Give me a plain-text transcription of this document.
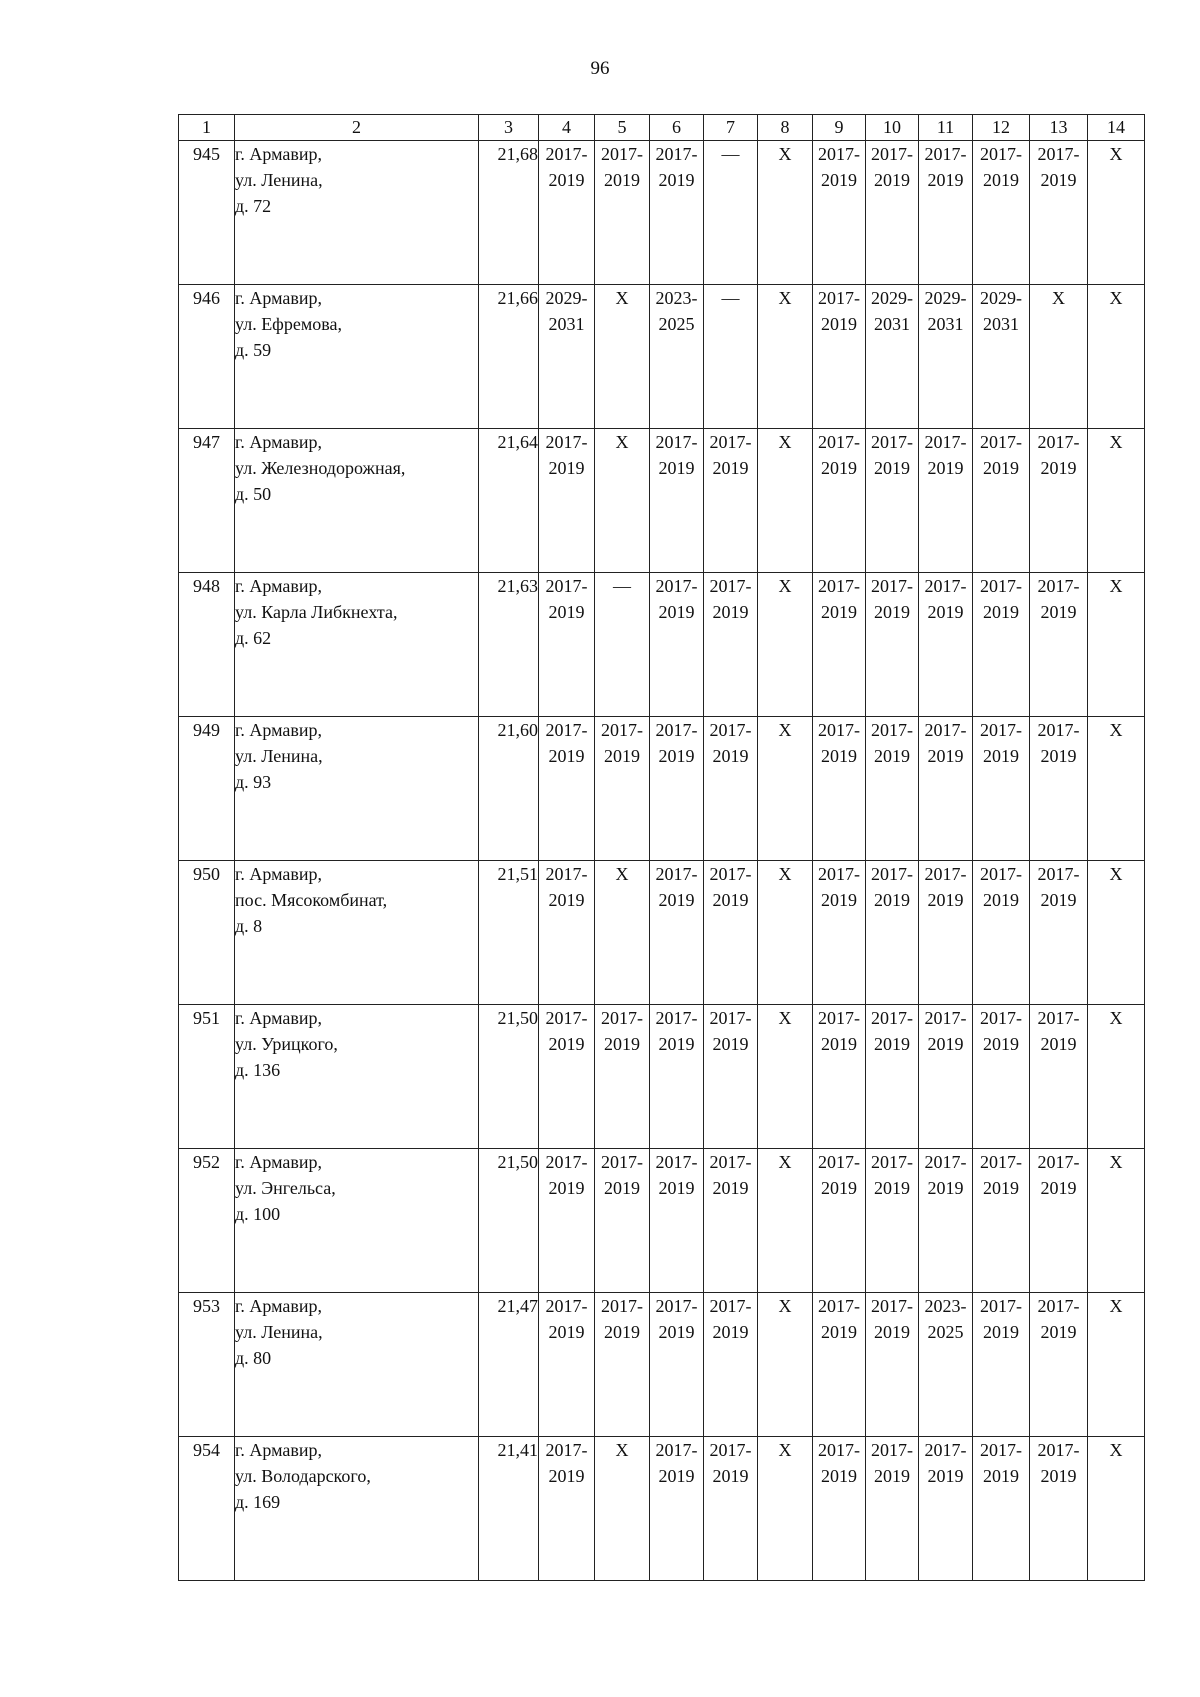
96
1	2	3	4	5	6	7	8	9	10	11	12	13	14
945	г. Армавир,
ул. Ленина,
д. 72	21,68	2017-
2019	2017-
2019	2017-
2019	—	X	2017-
2019	2017-
2019	2017-
2019	2017-
2019	2017-
2019	X

946	г. Армавир,
ул. Ефремова,
д. 59	21,66	2029-
2031	X	2023-
2025	—	X	2017-
2019	2029-
2031	2029-
2031	2029-
2031	X	X

947	г. Армавир,
ул. Железнодорожная,
д. 50	21,64	2017-
2019	X	2017-
2019	2017-
2019	X	2017-
2019	2017-
2019	2017-
2019	2017-
2019	2017-
2019	X

948	г. Армавир,
ул. Карла Либкнехта,
д. 62	21,63	2017-
2019	—	2017-
2019	2017-
2019	X	2017-
2019	2017-
2019	2017-
2019	2017-
2019	2017-
2019	X

949	г. Армавир,
ул. Ленина,
д. 93	21,60	2017-
2019	2017-
2019	2017-
2019	2017-
2019	X	2017-
2019	2017-
2019	2017-
2019	2017-
2019	2017-
2019	X

950	г. Армавир,
пос. Мясокомбинат,
д. 8	21,51	2017-
2019	X	2017-
2019	2017-
2019	X	2017-
2019	2017-
2019	2017-
2019	2017-
2019	2017-
2019	X

951	г. Армавир,
ул. Урицкого,
д. 136	21,50	2017-
2019	2017-
2019	2017-
2019	2017-
2019	X	2017-
2019	2017-
2019	2017-
2019	2017-
2019	2017-
2019	X

952	г. Армавир,
ул. Энгельса,
д. 100	21,50	2017-
2019	2017-
2019	2017-
2019	2017-
2019	X	2017-
2019	2017-
2019	2017-
2019	2017-
2019	2017-
2019	X

953	г. Армавир,
ул. Ленина,
д. 80	21,47	2017-
2019	2017-
2019	2017-
2019	2017-
2019	X	2017-
2019	2017-
2019	2023-
2025	2017-
2019	2017-
2019	X

954	г. Армавир,
ул. Володарского,
д. 169	21,41	2017-
2019	X	2017-
2019	2017-
2019	X	2017-
2019	2017-
2019	2017-
2019	2017-
2019	2017-
2019	X
